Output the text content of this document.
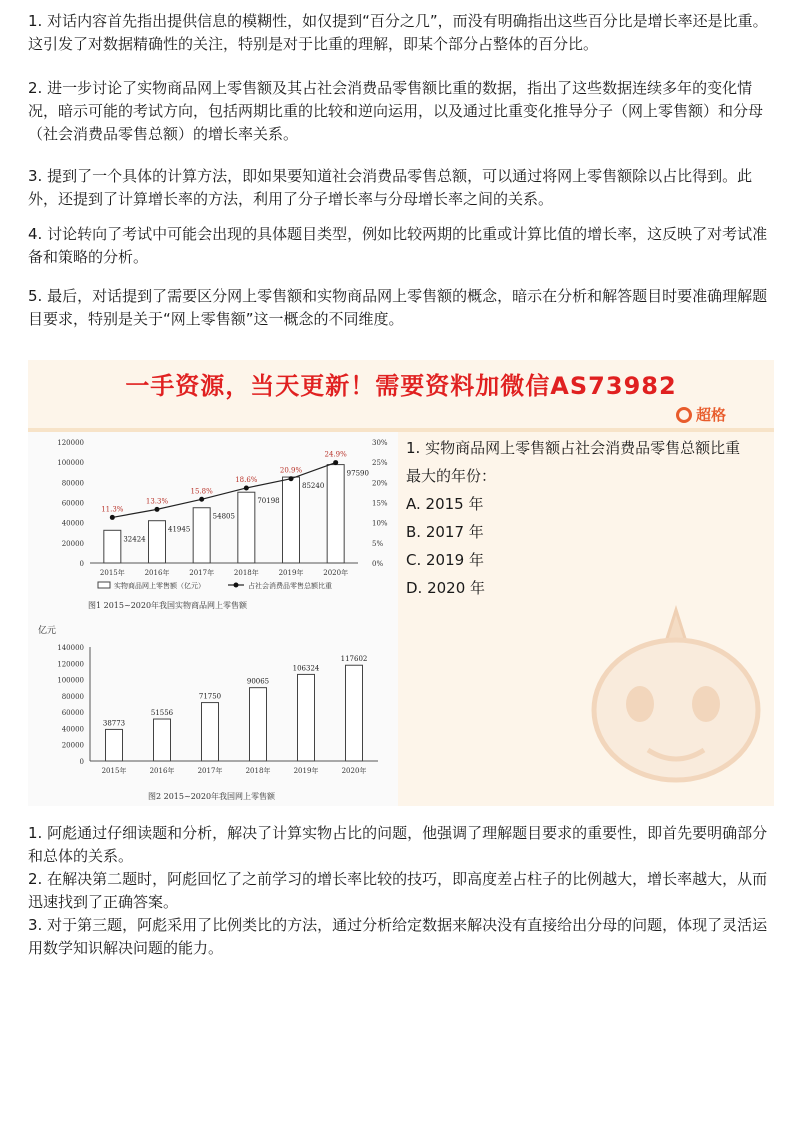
1. 对话内容首先指出提供信息的模糊性，如仅提到“百分之几”，而没有明确指出这些百分比是增长率还是比重。这引发了对数据精确性的关注，特别是对于比重的理解，即某个部分占整体的百分比。

2. 进一步讨论了实物商品网上零售额及其占社会消费品零售额比重的数据，指出了这些数据连续多年的变化情况，暗示可能的考试方向，包括两期比重的比较和逆向运用，以及通过比重变化推导分子（网上零售额）和分母（社会消费品零售总额）的增长率关系。

3. 提到了一个具体的计算方法，即如果要知道社会消费品零售总额，可以通过将网上零售额除以占比得到。此外，还提到了计算增长率的方法，利用了分子增长率与分母增长率之间的关系。

4. 讨论转向了考试中可能会出现的具体题目类型，例如比较两期的比重或计算比值的增长率，这反映了对考试准备和策略的分析。

5. 最后，对话提到了需要区分网上零售额和实物商品网上零售额的概念，暗示在分析和解答题目时要准确理解题目要求，特别是关于“网上零售额”这一概念的不同维度。

一手资源，当天更新！需要资料加微信AS73982
超格
0
20000
40000
60000
80000
100000
120000
0%
5%
10%
15%
20%
25%
30%
32424
2015年
41945
2016年
54805
2017年
70198
2018年
85240
2019年
97590
2020年
11.3%
13.3%
15.8%
18.6%
20.9%
24.9%
实物商品网上零售额（亿元）	占社会消费品零售总额比重
图1 2015~2020年我国实物商品网上零售额

亿元
0
20000
40000
60000
80000
100000
120000
140000
38773
2015年
51556
2016年
71750
2017年
90065
2018年
106324
2019年
117602
2020年
图2 2015~2020年我国网上零售额
1. 实物商品网上零售额占社会消费品零售总额比重
最大的年份：
A. 2015 年
B. 2017 年
C. 2019 年
D. 2020 年

1. 阿彪通过仔细读题和分析，解决了计算实物占比的问题，他强调了理解题目要求的重要性，即首先要明确部分和总体的关系。

2. 在解决第二题时，阿彪回忆了之前学习的增长率比较的技巧，即高度差占柱子的比例越大，增长率越大，从而迅速找到了正确答案。

3. 对于第三题，阿彪采用了比例类比的方法，通过分析给定数据来解决没有直接给出分母的问题，体现了灵活运用数学知识解决问题的能力。
